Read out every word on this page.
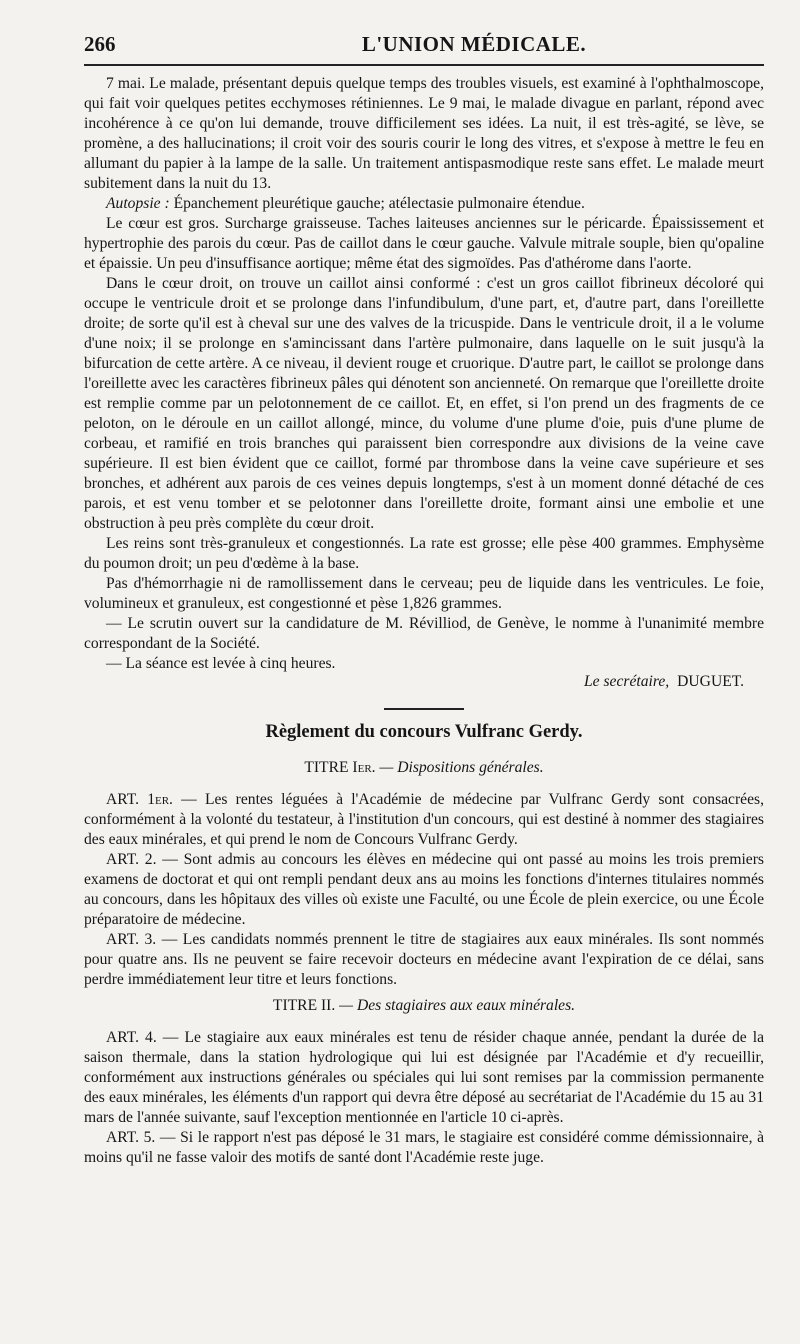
266	L'UNION MÉDICALE.

7 mai. Le malade, présentant depuis quelque temps des troubles visuels, est examiné à l'ophthalmoscope, qui fait voir quelques petites ecchymoses rétiniennes. Le 9 mai, le malade divague en parlant, répond avec incohérence à ce qu'on lui demande, trouve difficilement ses idées. La nuit, il est très-agité, se lève, se promène, a des hallucinations; il croit voir des souris courir le long des vitres, et s'expose à mettre le feu en allumant du papier à la lampe de la salle. Un traitement antispasmodique reste sans effet. Le malade meurt subitement dans la nuit du 13.

Autopsie : Épanchement pleurétique gauche; atélectasie pulmonaire étendue.

Le cœur est gros. Surcharge graisseuse. Taches laiteuses anciennes sur le péricarde. Épaississement et hypertrophie des parois du cœur. Pas de caillot dans le cœur gauche. Valvule mitrale souple, bien qu'opaline et épaissie. Un peu d'insuffisance aortique; même état des sigmoïdes. Pas d'athérome dans l'aorte.

Dans le cœur droit, on trouve un caillot ainsi conformé : c'est un gros caillot fibrineux décoloré qui occupe le ventricule droit et se prolonge dans l'infundibulum, d'une part, et, d'autre part, dans l'oreillette droite; de sorte qu'il est à cheval sur une des valves de la tricuspide. Dans le ventricule droit, il a le volume d'une noix; il se prolonge en s'amincissant dans l'artère pulmonaire, dans laquelle on le suit jusqu'à la bifurcation de cette artère. A ce niveau, il devient rouge et cruorique. D'autre part, le caillot se prolonge dans l'oreillette avec les caractères fibrineux pâles qui dénotent son ancienneté. On remarque que l'oreillette droite est remplie comme par un pelotonnement de ce caillot. Et, en effet, si l'on prend un des fragments de ce peloton, on le déroule en un caillot allongé, mince, du volume d'une plume d'oie, puis d'une plume de corbeau, et ramifié en trois branches qui paraissent bien correspondre aux divisions de la veine cave supérieure. Il est bien évident que ce caillot, formé par thrombose dans la veine cave supérieure et ses bronches, et adhérent aux parois de ces veines depuis longtemps, s'est à un moment donné détaché de ces parois, et est venu tomber et se pelotonner dans l'oreillette droite, formant ainsi une embolie et une obstruction à peu près complète du cœur droit.

Les reins sont très-granuleux et congestionnés. La rate est grosse; elle pèse 400 grammes. Emphysème du poumon droit; un peu d'œdème à la base.

Pas d'hémorrhagie ni de ramollissement dans le cerveau; peu de liquide dans les ventricules. Le foie, volumineux et granuleux, est congestionné et pèse 1,826 grammes.

— Le scrutin ouvert sur la candidature de M. Révilliod, de Genève, le nomme à l'unanimité membre correspondant de la Société.

— La séance est levée à cinq heures.

Le secrétaire, DUGUET.
Règlement du concours Vulfranc Gerdy.
TITRE Ier. — Dispositions générales.

ART. 1er. — Les rentes léguées à l'Académie de médecine par Vulfranc Gerdy sont consacrées, conformément à la volonté du testateur, à l'institution d'un concours, qui est destiné à nommer des stagiaires des eaux minérales, et qui prend le nom de Concours Vulfranc Gerdy.

ART. 2. — Sont admis au concours les élèves en médecine qui ont passé au moins les trois premiers examens de doctorat et qui ont rempli pendant deux ans au moins les fonctions d'internes titulaires nommés au concours, dans les hôpitaux des villes où existe une Faculté, ou une École de plein exercice, ou une École préparatoire de médecine.

ART. 3. — Les candidats nommés prennent le titre de stagiaires aux eaux minérales. Ils sont nommés pour quatre ans. Ils ne peuvent se faire recevoir docteurs en médecine avant l'expiration de ce délai, sans perdre immédiatement leur titre et leurs fonctions.

TITRE II. — Des stagiaires aux eaux minérales.

ART. 4. — Le stagiaire aux eaux minérales est tenu de résider chaque année, pendant la durée de la saison thermale, dans la station hydrologique qui lui est désignée par l'Académie et d'y recueillir, conformément aux instructions générales ou spéciales qui lui sont remises par la commission permanente des eaux minérales, les éléments d'un rapport qui devra être déposé au secrétariat de l'Académie du 15 au 31 mars de l'année suivante, sauf l'exception mentionnée en l'article 10 ci-après.

ART. 5. — Si le rapport n'est pas déposé le 31 mars, le stagiaire est considéré comme démissionnaire, à moins qu'il ne fasse valoir des motifs de santé dont l'Académie reste juge.
